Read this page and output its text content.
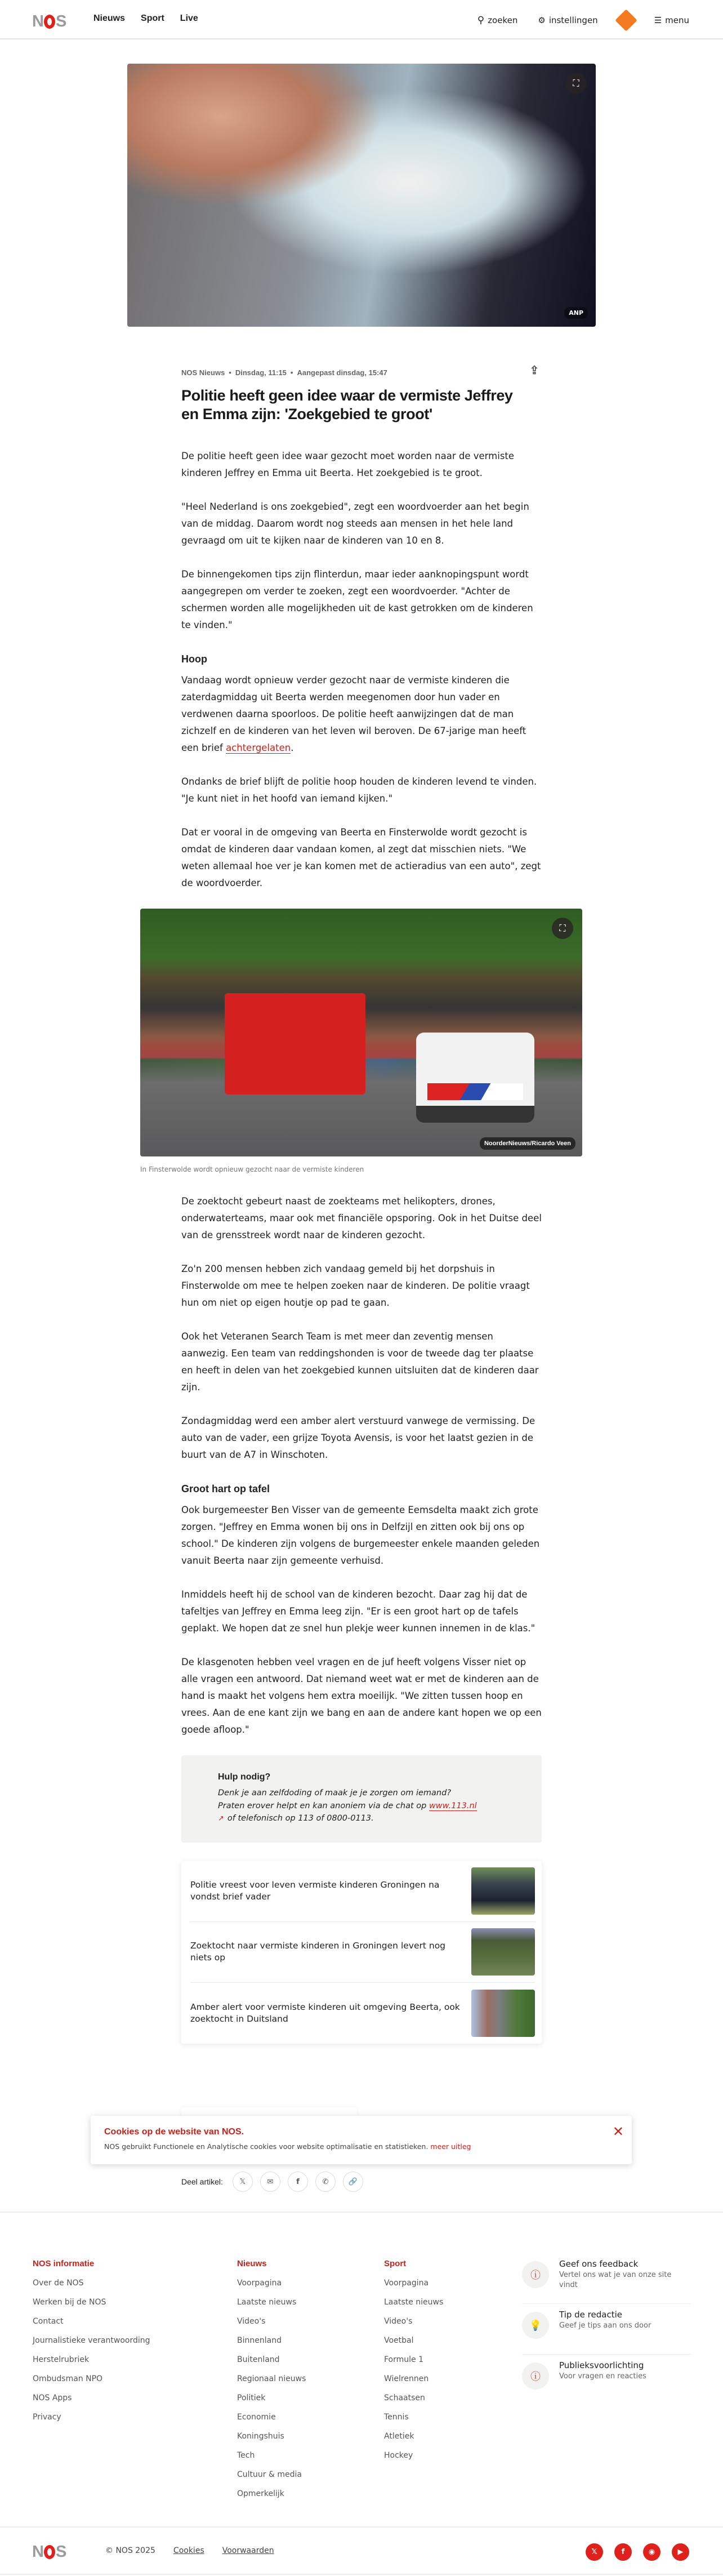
N S	Nieuws Sport Live	⚲ zoeken ⚙ instellingen	☰ menu
⛶
ANP
NOS Nieuws • Dinsdag, 11:15 • Aangepast dinsdag, 15:47	⇪
Politie heeft geen idee waar de vermiste Jeffrey en Emma zijn: 'Zoekgebied te groot'

De politie heeft geen idee waar gezocht moet worden naar de vermiste kinderen Jeffrey en Emma uit Beerta. Het zoekgebied is te groot.

"Heel Nederland is ons zoekgebied", zegt een woordvoerder aan het begin van de middag. Daarom wordt nog steeds aan mensen in het hele land gevraagd om uit te kijken naar de kinderen van 10 en 8.

De binnengekomen tips zijn flinterdun, maar ieder aanknopingspunt wordt aangegrepen om verder te zoeken, zegt een woordvoerder. "Achter de schermen worden alle mogelijkheden uit de kast getrokken om de kinderen te vinden."

Hoop

Vandaag wordt opnieuw verder gezocht naar de vermiste kinderen die zaterdagmiddag uit Beerta werden meegenomen door hun vader en verdwenen daarna spoorloos. De politie heeft aanwijzingen dat de man zichzelf en de kinderen van het leven wil beroven. De 67-jarige man heeft een brief achtergelaten.

Ondanks de brief blijft de politie hoop houden de kinderen levend te vinden. "Je kunt niet in het hoofd van iemand kijken."

Dat er vooral in de omgeving van Beerta en Finsterwolde wordt gezocht is omdat de kinderen daar vandaan komen, al zegt dat misschien niets. "We weten allemaal hoe ver je kan komen met de actieradius van een auto", zegt de woordvoerder.

⛶
NoorderNieuws/Ricardo Veen
In Finsterwolde wordt opnieuw gezocht naar de vermiste kinderen

De zoektocht gebeurt naast de zoekteams met helikopters, drones, onderwaterteams, maar ook met financiële opsporing. Ook in het Duitse deel van de grensstreek wordt naar de kinderen gezocht.

Zo'n 200 mensen hebben zich vandaag gemeld bij het dorpshuis in Finsterwolde om mee te helpen zoeken naar de kinderen. De politie vraagt hun om niet op eigen houtje op pad te gaan.

Ook het Veteranen Search Team is met meer dan zeventig mensen aanwezig. Een team van reddingshonden is voor de tweede dag ter plaatse en heeft in delen van het zoekgebied kunnen uitsluiten dat de kinderen daar zijn.

Zondagmiddag werd een amber alert verstuurd vanwege de vermissing. De auto van de vader, een grijze Toyota Avensis, is voor het laatst gezien in de buurt van de A7 in Winschoten.

Groot hart op tafel

Ook burgemeester Ben Visser van de gemeente Eemsdelta maakt zich grote zorgen. "Jeffrey en Emma wonen bij ons in Delfzijl en zitten ook bij ons op school." De kinderen zijn volgens de burgemeester enkele maanden geleden vanuit Beerta naar zijn gemeente verhuisd.

Inmiddels heeft hij de school van de kinderen bezocht. Daar zag hij dat de tafeltjes van Jeffrey en Emma leeg zijn. "Er is een groot hart op de tafels geplakt. We hopen dat ze snel hun plekje weer kunnen innemen in de klas."

De klasgenoten hebben veel vragen en de juf heeft volgens Visser niet op alle vragen een antwoord. Dat niemand weet wat er met de kinderen aan de hand is maakt het volgens hem extra moeilijk. "We zitten tussen hoop en vrees. Aan de ene kant zijn we bang en aan de andere kant hopen we op een goede afloop."

Hulp nodig?

Denk je aan zelfdoding of maak je je zorgen om iemand?
Praten erover helpt en kan anoniem via de chat op www.113.nl
↗ of telefonisch op 113 of 0800-0113.

Politie vreest voor leven vermiste kinderen Groningen na vondst brief vader
Zoektocht naar vermiste kinderen in Groningen levert nog niets op
Amber alert voor vermiste kinderen uit omgeving Beerta, ook zoektocht in Duitsland
Deel artikel: 𝕏	✉	f	✆	🔗
Cookies op de website van NOS.

NOS gebruikt Functionele en Analytische cookies voor website optimalisatie en statistieken. meer uitleg

✕
NOS informatie
Over de NOS
Werken bij de NOS
Contact
Journalistieke verantwoording
Herstelrubriek
Ombudsman NPO
NOS Apps
Privacy
Nieuws
Voorpagina
Laatste nieuws
Video's
Binnenland
Buitenland
Regionaal nieuws
Politiek
Economie
Koningshuis
Tech
Cultuur & media
Opmerkelijk
Sport
Voorpagina
Laatste nieuws
Video's
Voetbal
Formule 1
Wielrennen
Schaatsen
Tennis
Atletiek
Hockey
ⓘ
Geef ons feedback
Vertel ons wat je van onze site vindt
💡
Tip de redactie
Geef je tips aan ons door
ⓘ
Publieksvoorlichting
Voor vragen en reacties
N S	© NOS 2025 Cookies Voorwaarden	𝕏	f	◉	▶
